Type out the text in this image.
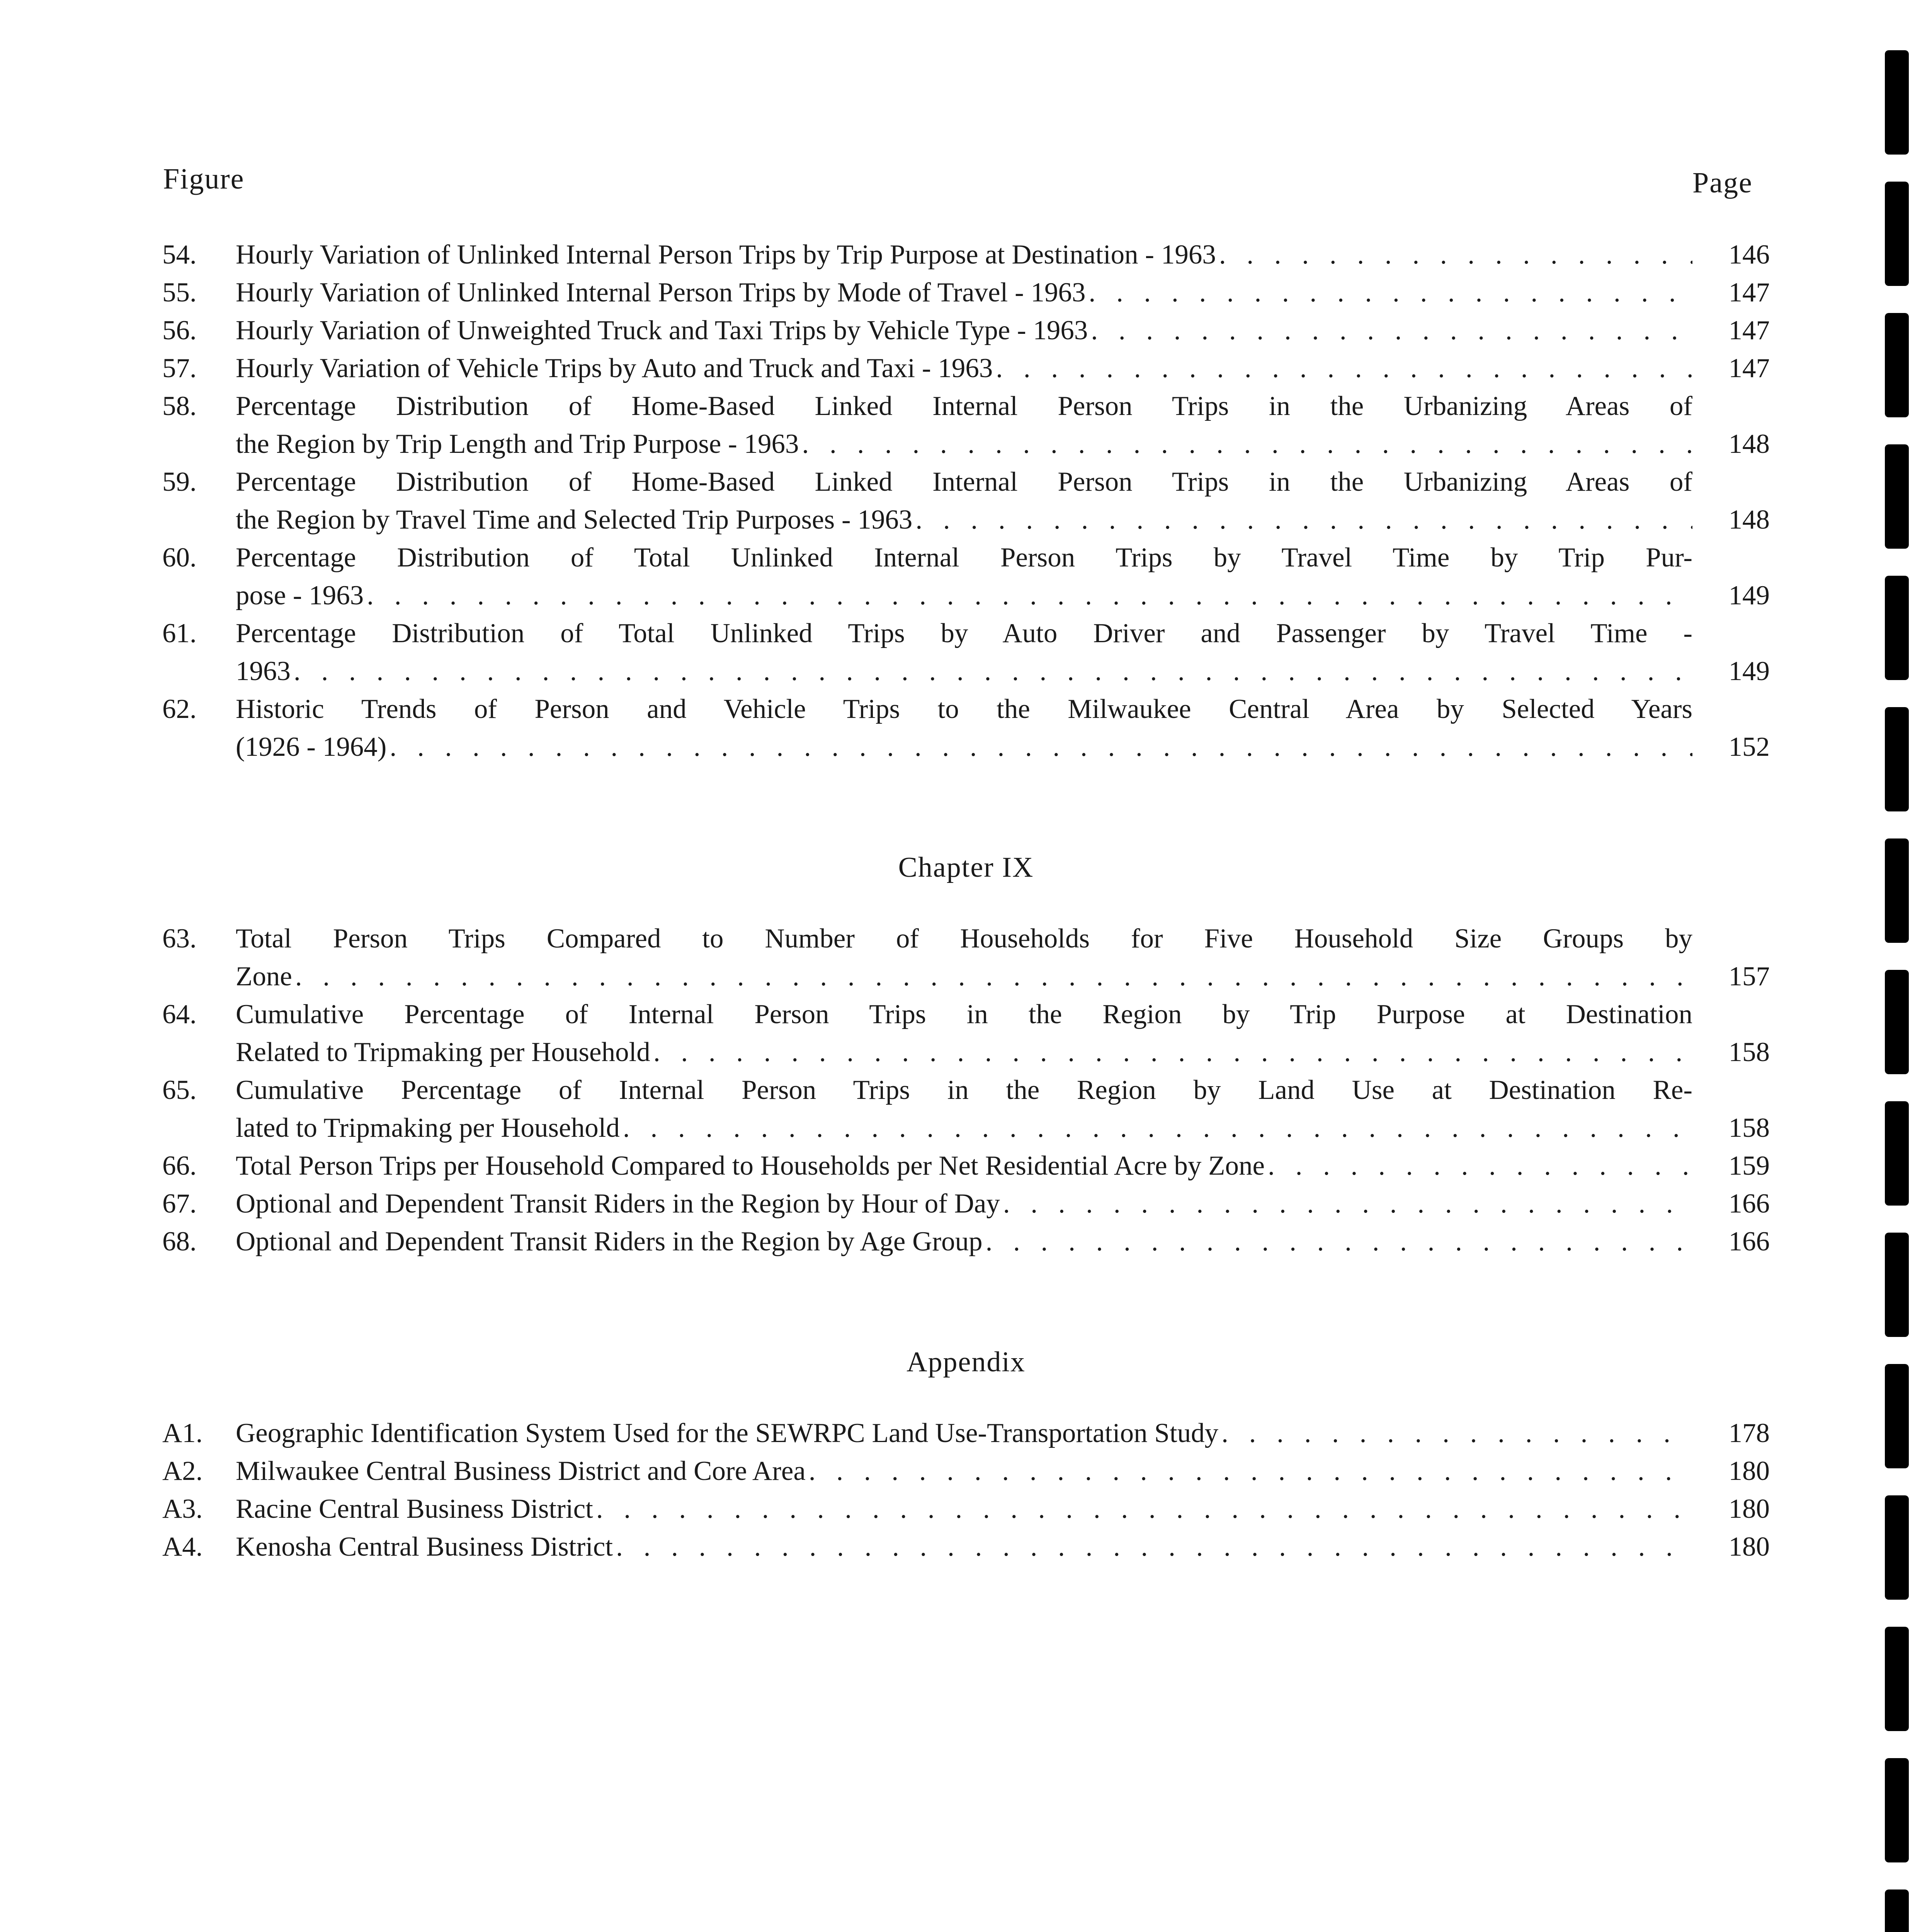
Figure	Page
54.	Hourly Variation of Unlinked Internal Person Trips by Trip Purpose at Destination - 1963 . . .	146
55.	Hourly Variation of Unlinked Internal Person Trips by Mode of Travel - 1963 . . .	147
56.	Hourly Variation of Unweighted Truck and Taxi Trips by Vehicle Type - 1963 . . .	147
57.	Hourly Variation of Vehicle Trips by Auto and Truck and Taxi - 1963 . . .	147
58.	Percentage Distribution of Home-Based Linked Internal Person Trips in the Urbanizing Areas of
the Region by Trip Length and Trip Purpose - 1963 . . .	148
59.	Percentage Distribution of Home-Based Linked Internal Person Trips in the Urbanizing Areas of
the Region by Travel Time and Selected Trip Purposes - 1963 . . .	148
60.	Percentage Distribution of Total Unlinked Internal Person Trips by Travel Time by Trip Pur-
pose - 1963 . . .	149
61.	Percentage Distribution of Total Unlinked Trips by Auto Driver and Passenger by Travel Time -
1963 . . .	149
62.	Historic Trends of Person and Vehicle Trips to the Milwaukee Central Area by Selected Years
(1926 - 1964) . . .	152
Chapter IX
63.	Total Person Trips Compared to Number of Households for Five Household Size Groups by
Zone . . .	157
64.	Cumulative Percentage of Internal Person Trips in the Region by Trip Purpose at Destination
Related to Tripmaking per Household . . .	158
65.	Cumulative Percentage of Internal Person Trips in the Region by Land Use at Destination Re-
lated to Tripmaking per Household . . .	158
66.	Total Person Trips per Household Compared to Households per Net Residential Acre by Zone . . .	159
67.	Optional and Dependent Transit Riders in the Region by Hour of Day . . .	166
68.	Optional and Dependent Transit Riders in the Region by Age Group . . .	166
Appendix
A1.	Geographic Identification System Used for the SEWRPC Land Use-Transportation Study . . .	178
A2.	Milwaukee Central Business District and Core Area . . .	180
A3.	Racine Central Business District . . .	180
A4.	Kenosha Central Business District . . .	180
